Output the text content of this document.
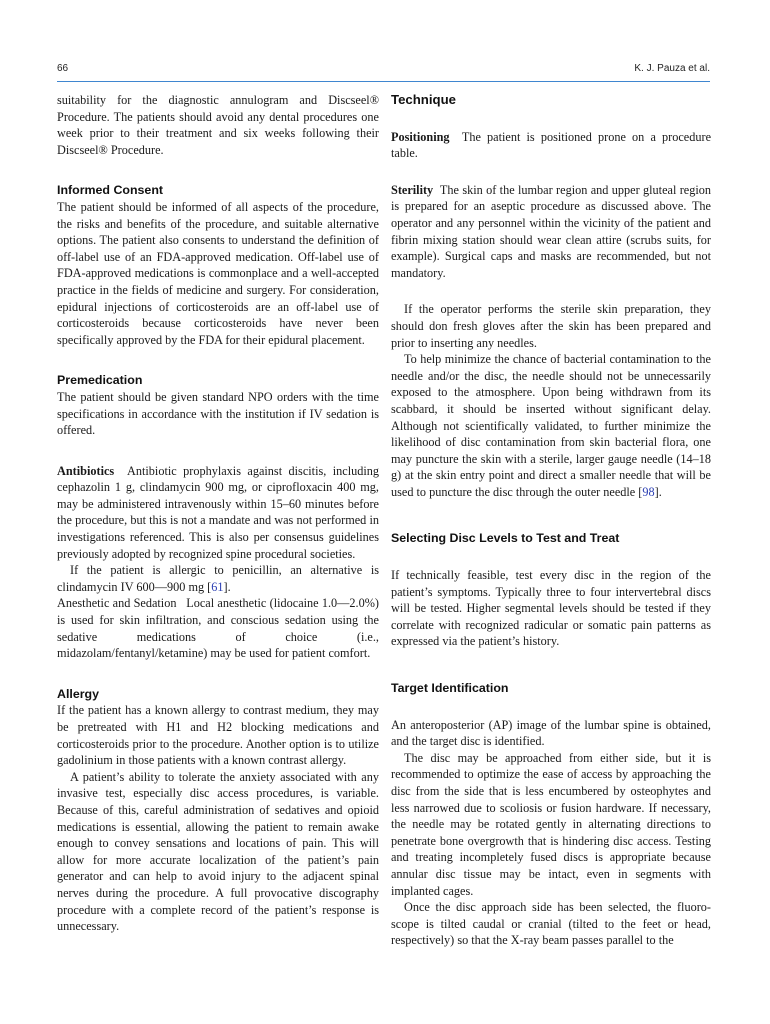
66	K. J. Pauza et al.

suitability for the diagnostic annulogram and Discseel® Procedure. The patients should avoid any dental procedures one week prior to their treatment and six weeks following their Discseel® Procedure.

Informed Consent

The patient should be informed of all aspects of the procedure, the risks and benefits of the procedure, and suitable alternative options. The patient also consents to understand the definition of off-label use of an FDA-approved medication. Off-label use of FDA-approved medications is commonplace and a well-accepted practice in the fields of medicine and surgery. For consideration, epidural injections of corticosteroids are an off-label use of corticosteroids because corticosteroids have never been specifically approved by the FDA for their epidural placement.

Premedication

The patient should be given standard NPO orders with the time specifications in accordance with the institution if IV sedation is offered.

Antibiotics Antibiotic prophylaxis against discitis, including cephazolin 1 g, clindamycin 900 mg, or ciprofloxacin 400 mg, may be administered intravenously within 15–60 minutes before the procedure, but this is not a mandate and was not performed in investigations referenced. This is also per consensus guidelines previously adopted by recognized spine procedural societies.

If the patient is allergic to penicillin, an alternative is clindamycin IV 600—900 mg [61].

Anesthetic and Sedation Local anesthetic (lidocaine 1.0—2.0%) is used for skin infiltration, and conscious sedation using the sedative medications of choice (i.e., midazolam/fentanyl/ketamine) may be used for patient comfort.

Allergy

If the patient has a known allergy to contrast medium, they may be pretreated with H1 and H2 blocking medications and corticosteroids prior to the procedure. Another option is to utilize gadolinium in those patients with a known contrast allergy.

A patient’s ability to tolerate the anxiety associated with any invasive test, especially disc access procedures, is variable. Because of this, careful administration of sedatives and opioid medications is essential, allowing the patient to remain awake enough to convey sensations and locations of pain. This will allow for more accurate localization of the patient’s pain generator and can help to avoid injury to the adjacent spinal nerves during the procedure. A full provocative discography procedure with a complete record of the patient’s response is unnecessary.

Technique

Positioning The patient is positioned prone on a procedure table.

Sterility The skin of the lumbar region and upper gluteal region is prepared for an aseptic procedure as discussed above. The operator and any personnel within the vicinity of the patient and fibrin mixing station should wear clean attire (scrubs suits, for example). Surgical caps and masks are recommended, but not mandatory.

If the operator performs the sterile skin preparation, they should don fresh gloves after the skin has been prepared and prior to inserting any needles.

To help minimize the chance of bacterial contamination to the needle and/or the disc, the needle should not be unnecessarily exposed to the atmosphere. Upon being withdrawn from its scabbard, it should be inserted without significant delay. Although not scientifically validated, to further minimize the likelihood of disc contamination from skin bacterial flora, one may puncture the skin with a sterile, larger gauge needle (14–18 g) at the skin entry point and direct a smaller needle that will be used to puncture the disc through the outer needle [98].

Selecting Disc Levels to Test and Treat

If technically feasible, test every disc in the region of the patient’s symptoms. Typically three to four intervertebral discs will be tested. Higher segmental levels should be tested if they correlate with recognized radicular or somatic pain patterns as expressed via the patient’s history.

Target Identification

An anteroposterior (AP) image of the lumbar spine is obtained, and the target disc is identified.

The disc may be approached from either side, but it is recommended to optimize the ease of access by approaching the disc from the side that is less encumbered by osteophytes and less narrowed due to scoliosis or fusion hardware. If necessary, the needle may be rotated gently in alternating directions to penetrate bone overgrowth that is hindering disc access. Testing and treating incompletely fused discs is appropriate because annular disc tissue may be intact, even in segments with implanted cages.

Once the disc approach side has been selected, the fluoroscope is tilted caudal or cranial (tilted to the feet or head, respectively) so that the X-ray beam passes parallel to the
